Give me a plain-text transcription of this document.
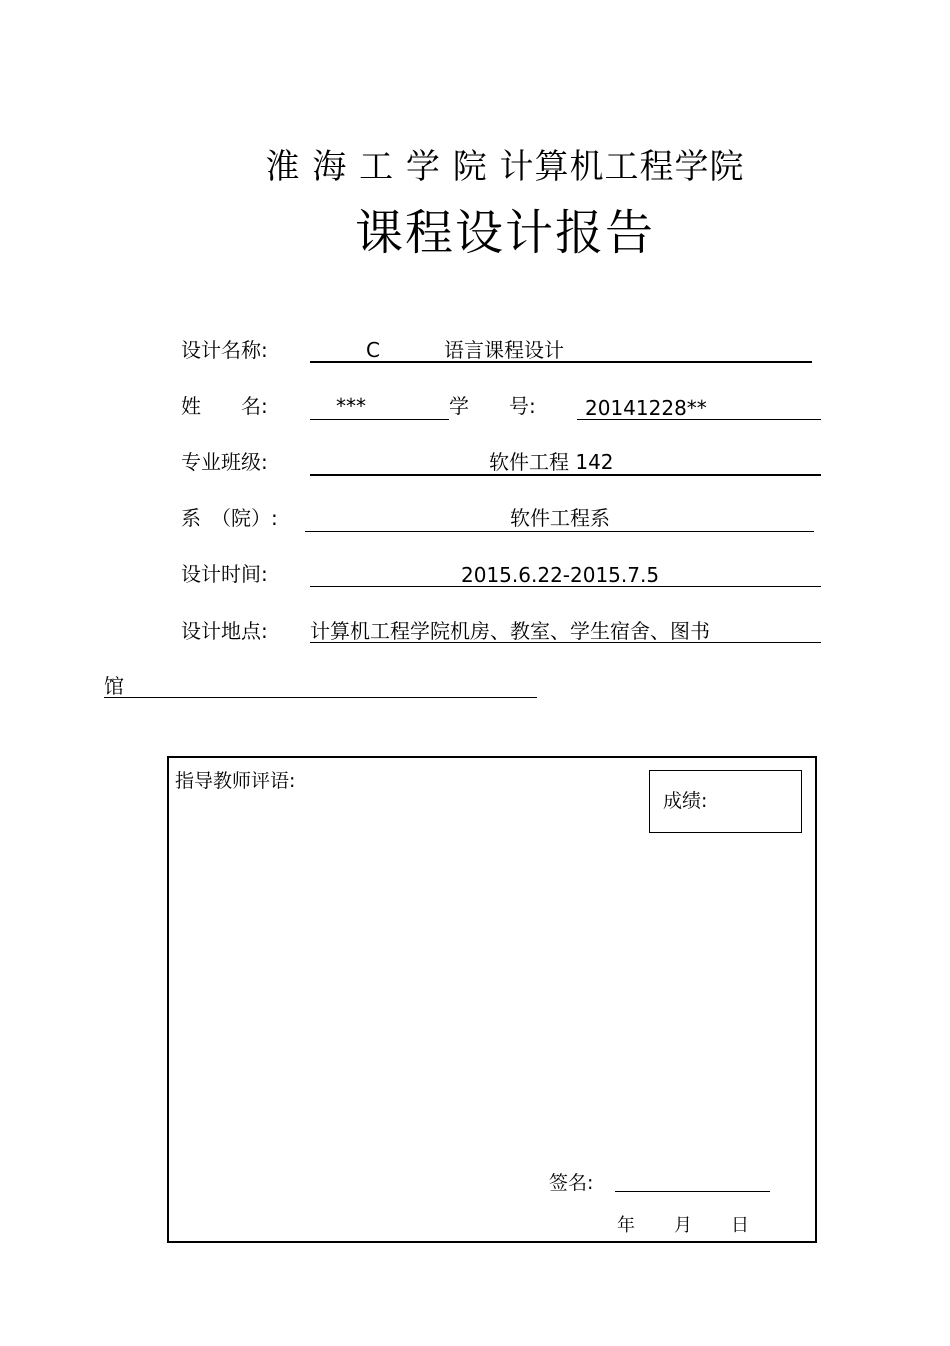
淮 海 工 学 院 计算机工程学院
课程设计报告
设计名称:	C	语言课程设计
姓　　名:	***	学　　号: 20141228**
专业班级:	软件工程 142
系　（院）:	软件工程系
设计时间:	2015.6.22-2015.7.5
设计地点: 计算机工程学院机房、教室、学生宿舍、图书
馆
指导教师评语:
成绩:
签名:
年 月 日
